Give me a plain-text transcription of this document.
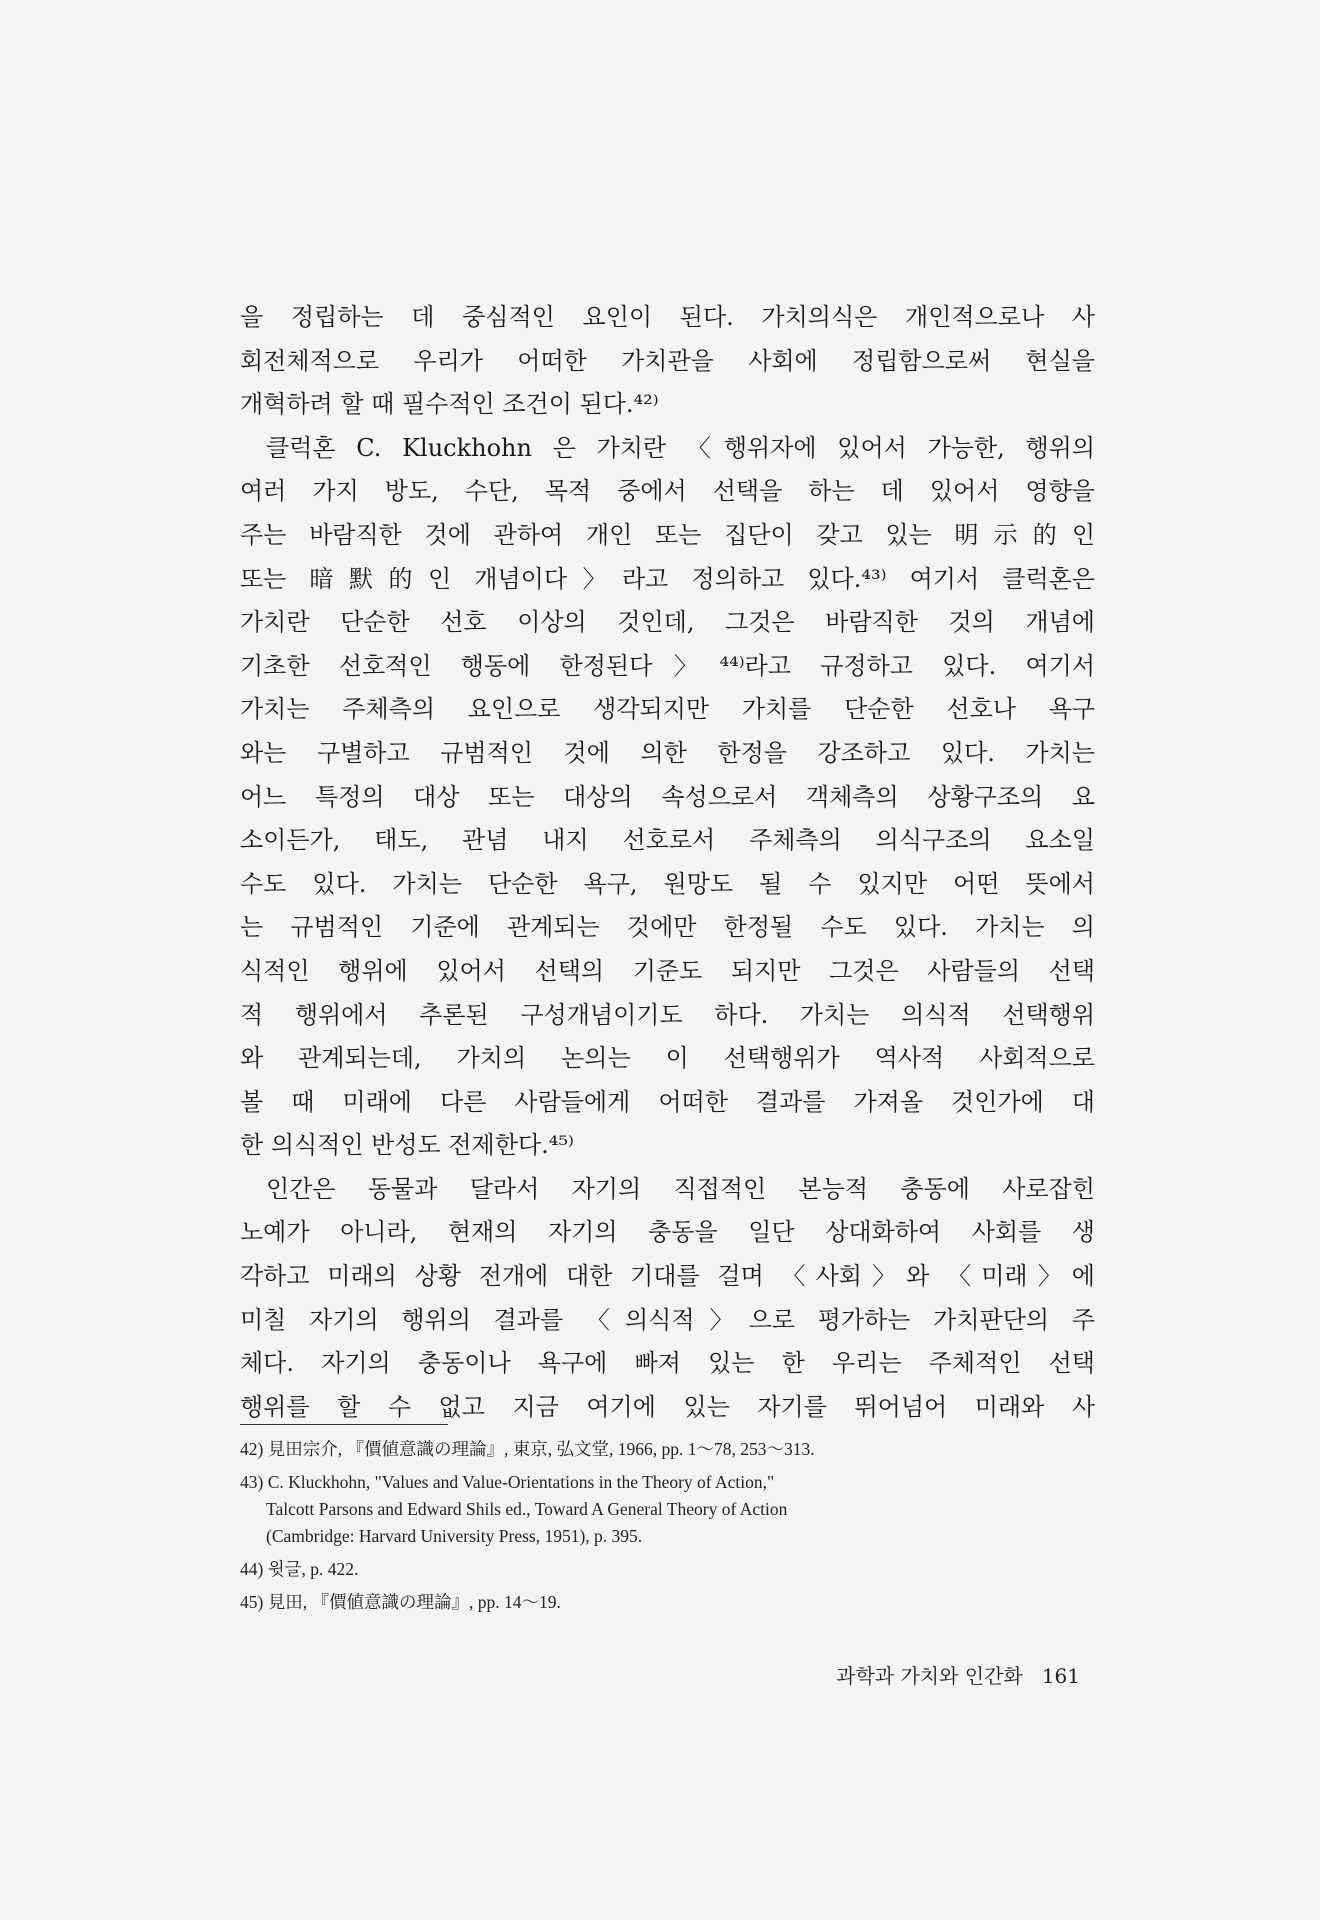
을 정립하는 데 중심적인 요인이 된다. 가치의식은 개인적으로나 사
회전체적으로 우리가 어떠한 가치관을 사회에 정립함으로써 현실을
개혁하려 할 때 필수적인 조건이 된다.⁴²⁾
클럭혼 C. Kluckhohn 은 가치란 〈행위자에 있어서 가능한, 행위의
여러 가지 방도, 수단, 목적 중에서 선택을 하는 데 있어서 영향을
주는 바람직한 것에 관하여 개인 또는 집단이 갖고 있는 明示的인
또는 暗默的인 개념이다〉라고 정의하고 있다.⁴³⁾ 여기서 클럭혼은
가치란 단순한 선호 이상의 것인데, 그것은 바람직한 것의 개념에
기초한 선호적인 행동에 한정된다〉⁴⁴⁾라고 규정하고 있다. 여기서
가치는 주체측의 요인으로 생각되지만 가치를 단순한 선호나 욕구
와는 구별하고 규범적인 것에 의한 한정을 강조하고 있다. 가치는
어느 특정의 대상 또는 대상의 속성으로서 객체측의 상황구조의 요
소이든가, 태도, 관념 내지 선호로서 주체측의 의식구조의 요소일
수도 있다. 가치는 단순한 욕구, 원망도 될 수 있지만 어떤 뜻에서
는 규범적인 기준에 관계되는 것에만 한정될 수도 있다. 가치는 의
식적인 행위에 있어서 선택의 기준도 되지만 그것은 사람들의 선택
적 행위에서 추론된 구성개념이기도 하다. 가치는 의식적 선택행위
와 관계되는데, 가치의 논의는 이 선택행위가 역사적 사회적으로
볼 때 미래에 다른 사람들에게 어떠한 결과를 가져올 것인가에 대
한 의식적인 반성도 전제한다.⁴⁵⁾
인간은 동물과 달라서 자기의 직접적인 본능적 충동에 사로잡힌
노예가 아니라, 현재의 자기의 충동을 일단 상대화하여 사회를 생
각하고 미래의 상황 전개에 대한 기대를 걸며 〈사회〉와 〈미래〉에
미칠 자기의 행위의 결과를 〈의식적〉으로 평가하는 가치판단의 주
체다. 자기의 충동이나 욕구에 빠져 있는 한 우리는 주체적인 선택
행위를 할 수 없고 지금 여기에 있는 자기를 뛰어넘어 미래와 사
42) 見田宗介, 『價値意識の理論』, 東京, 弘文堂, 1966, pp. 1～78, 253～313.
43) C. Kluckhohn, "Values and Value-Orientations in the Theory of Action,"
Talcott Parsons and Edward Shils ed., Toward A General Theory of Action
(Cambridge: Harvard University Press, 1951), p. 395.
44) 윗글, p. 422.
45) 見田, 『價値意識の理論』, pp. 14～19.
과학과 가치와 인간화 161
